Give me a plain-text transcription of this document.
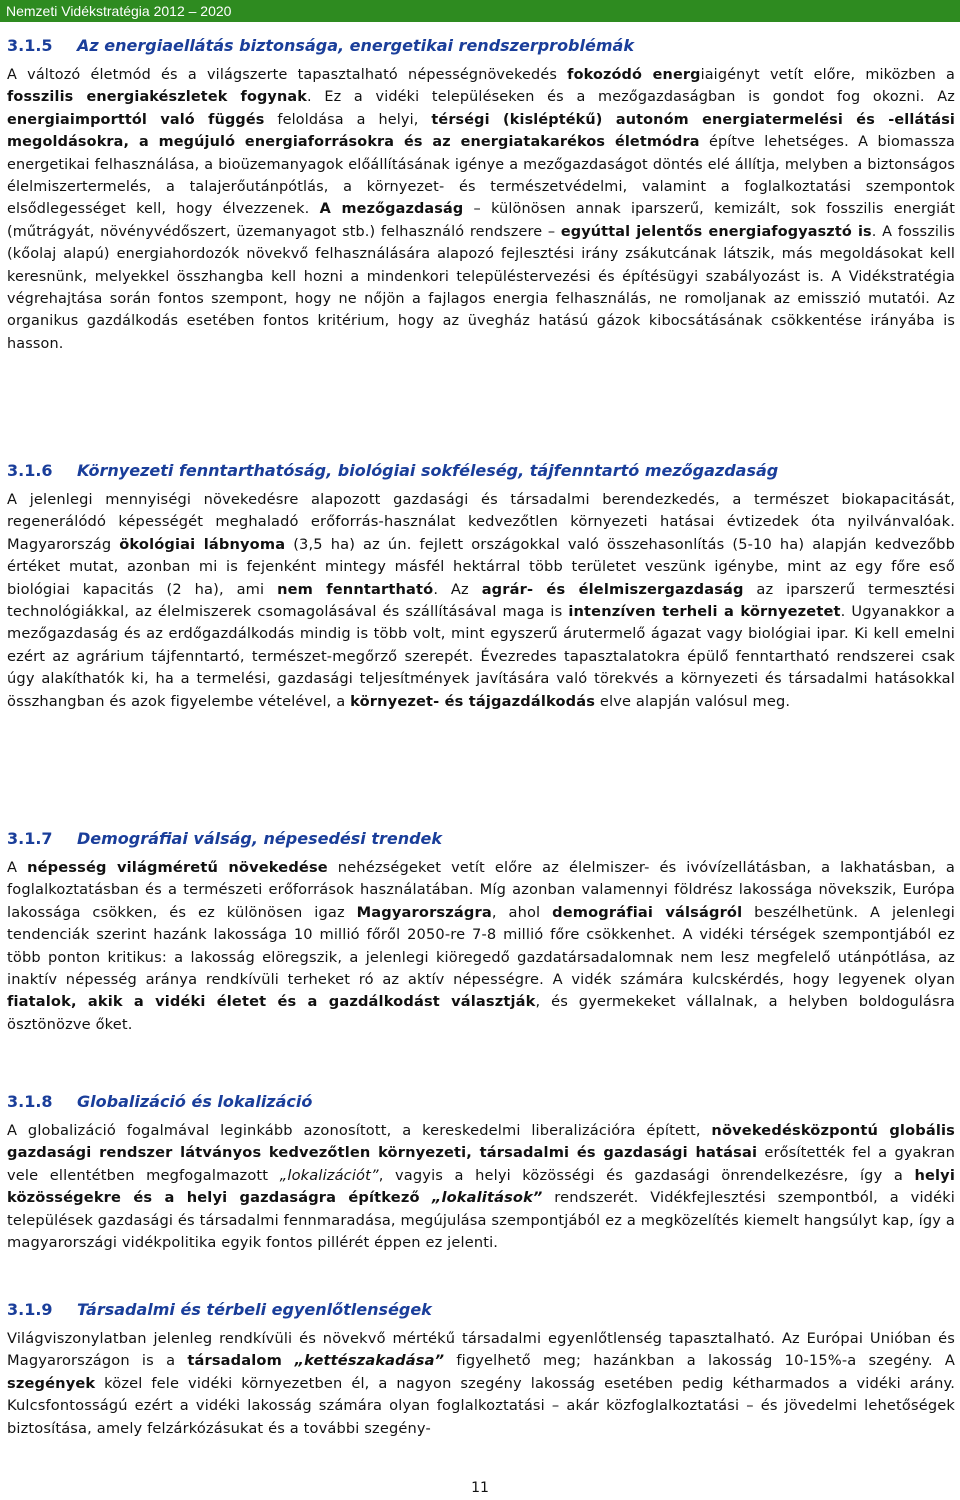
Nemzeti Vidékstratégia 2012 – 2020
3.1.5 Az energiaellátás biztonsága, energetikai rendszerproblémák

A változó életmód és a világszerte tapasztalható népességnövekedés fokozódó energiaigényt vetít előre, miközben a fosszilis energiakészletek fogynak. Ez a vidéki településeken és a mezőgazdaságban is gondot fog okozni. Az energiaimporttól való függés feloldása a helyi, térségi (kisléptékű) autonóm energiatermelési és -ellátási megoldásokra, a megújuló energiaforrásokra és az energiatakarékos életmódra építve lehetséges. A biomassza energetikai felhasználása, a bioüzemanyagok előállításának igénye a mezőgazdaságot döntés elé állítja, melyben a biztonságos élelmiszertermelés, a talajerőutánpótlás, a környezet- és természetvédelmi, valamint a foglalkoztatási szempontok elsődlegességet kell, hogy élvezzenek. A mezőgazdaság – különösen annak iparszerű, kemizált, sok fosszilis energiát (műtrágyát, növényvédőszert, üzemanyagot stb.) felhasználó rendszere – egyúttal jelentős energiafogyasztó is. A fosszilis (kőolaj alapú) energiahordozók növekvő felhasználására alapozó fejlesztési irány zsákutcának látszik, más megoldásokat kell keresnünk, melyekkel összhangba kell hozni a mindenkori településtervezési és építésügyi szabályozást is. A Vidékstratégia végrehajtása során fontos szempont, hogy ne nőjön a fajlagos energia felhasználás, ne romoljanak az emisszió mutatói. Az organikus gazdálkodás esetében fontos kritérium, hogy az üvegház hatású gázok kibocsátásának csökkentése irányába is hasson.

3.1.6 Környezeti fenntarthatóság, biológiai sokféleség, tájfenntartó mezőgazdaság

A jelenlegi mennyiségi növekedésre alapozott gazdasági és társadalmi berendezkedés, a természet biokapacitását, regenerálódó képességét meghaladó erőforrás-használat kedvezőtlen környezeti hatásai évtizedek óta nyilvánvalóak. Magyarország ökológiai lábnyoma (3,5 ha) az ún. fejlett országokkal való összehasonlítás (5-10 ha) alapján kedvezőbb értéket mutat, azonban mi is fejenként mintegy másfél hektárral több területet veszünk igénybe, mint az egy főre eső biológiai kapacitás (2 ha), ami nem fenntartható. Az agrár- és élelmiszergazdaság az iparszerű termesztési technológiákkal, az élelmiszerek csomagolásával és szállításával maga is intenzíven terheli a környezetet. Ugyanakkor a mezőgazdaság és az erdőgazdálkodás mindig is több volt, mint egyszerű árutermelő ágazat vagy biológiai ipar. Ki kell emelni ezért az agrárium tájfenntartó, természet-megőrző szerepét. Évezredes tapasztalatokra épülő fenntartható rendszerei csak úgy alakíthatók ki, ha a termelési, gazdasági teljesítmények javítására való törekvés a környezeti és társadalmi hatásokkal összhangban és azok figyelembe vételével, a környezet- és tájgazdálkodás elve alapján valósul meg.

3.1.7 Demográfiai válság, népesedési trendek

A népesség világméretű növekedése nehézségeket vetít előre az élelmiszer- és ivóvízellátásban, a lakhatásban, a foglalkoztatásban és a természeti erőforrások használatában. Míg azonban valamennyi földrész lakossága növekszik, Európa lakossága csökken, és ez különösen igaz Magyarországra, ahol demográfiai válságról beszélhetünk. A jelenlegi tendenciák szerint hazánk lakossága 10 millió főről 2050-re 7-8 millió főre csökkenhet. A vidéki térségek szempontjából ez több ponton kritikus: a lakosság elöregszik, a jelenlegi kiöregedő gazdatársadalomnak nem lesz megfelelő utánpótlása, az inaktív népesség aránya rendkívüli terheket ró az aktív népességre. A vidék számára kulcskérdés, hogy legyenek olyan fiatalok, akik a vidéki életet és a gazdálkodást választják, és gyermekeket vállalnak, a helyben boldogulásra ösztönözve őket.

3.1.8 Globalizáció és lokalizáció

A globalizáció fogalmával leginkább azonosított, a kereskedelmi liberalizációra épített, növekedésközpontú globális gazdasági rendszer látványos kedvezőtlen környezeti, társadalmi és gazdasági hatásai erősítették fel a gyakran vele ellentétben megfogalmazott „lokalizációt”, vagyis a helyi közösségi és gazdasági önrendelkezésre, így a helyi közösségekre és a helyi gazdaságra építkező „lokalitások” rendszerét. Vidékfejlesztési szempontból, a vidéki települések gazdasági és társadalmi fennmaradása, megújulása szempontjából ez a megközelítés kiemelt hangsúlyt kap, így a magyarországi vidékpolitika egyik fontos pillérét éppen ez jelenti.

3.1.9 Társadalmi és térbeli egyenlőtlenségek

Világviszonylatban jelenleg rendkívüli és növekvő mértékű társadalmi egyenlőtlenség tapasztalható. Az Európai Unióban és Magyarországon is a társadalom „kettészakadása” figyelhető meg; hazánkban a lakosság 10-15%-a szegény. A szegények közel fele vidéki környezetben él, a nagyon szegény lakosság esetében pedig kétharmados a vidéki arány. Kulcsfontosságú ezért a vidéki lakosság számára olyan foglalkoztatási – akár közfoglalkoztatási – és jövedelmi lehetőségek biztosítása, amely felzárkózásukat és a további szegény-

11
